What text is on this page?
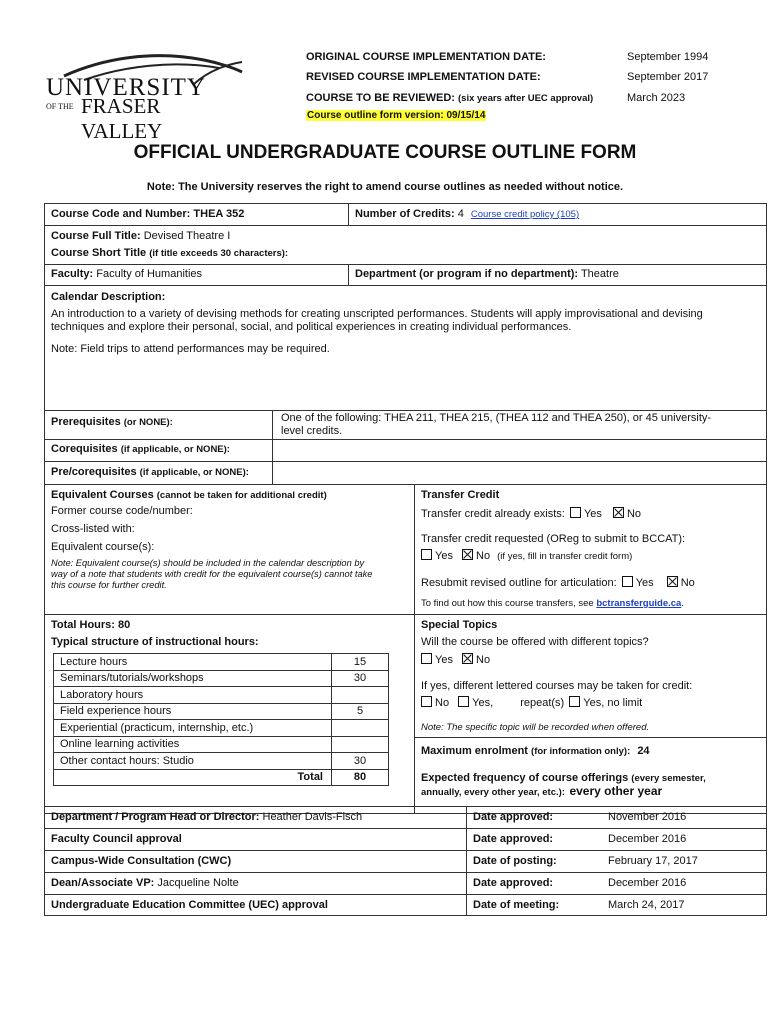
UNIVERSITY
OF THE FRASER VALLEY
ORIGINAL COURSE IMPLEMENTATION DATE:	September 1994
REVISED COURSE IMPLEMENTATION DATE:	September 2017
COURSE TO BE REVIEWED: (six years after UEC approval)	March 2023
Course outline form version: 09/15/14
OFFICIAL UNDERGRADUATE COURSE OUTLINE FORM
Note: The University reserves the right to amend course outlines as needed without notice.
Course Code and Number: THEA 352	Number of Credits: 4 Course credit policy (105)
Course Full Title: Devised Theatre I
Course Short Title (if title exceeds 30 characters):
Faculty: Faculty of Humanities	Department (or program if no department): Theatre
Calendar Description:
An introduction to a variety of devising methods for creating unscripted performances. Students will apply improvisational and devising
techniques and explore their personal, social, and political experiences in creating individual performances.
Note: Field trips to attend performances may be required.
Prerequisites (or NONE):	One of the following: THEA 211, THEA 215, (THEA 112 and THEA 250), or 45 university-
level credits.
Corequisites (if applicable, or NONE):
Pre/corequisites (if applicable, or NONE):
Equivalent Courses (cannot be taken for additional credit)
Former course code/number:
Cross-listed with:
Equivalent course(s):
Note: Equivalent course(s) should be included in the calendar description by
way of a note that students with credit for the equivalent course(s) cannot take
this course for further credit.
Transfer Credit
Transfer credit already exists: Yes No
Transfer credit requested (OReg to submit to BCCAT):
Yes No (if yes, fill in transfer credit form)
Resubmit revised outline for articulation: Yes No
To find out how this course transfers, see bctransferguide.ca.
Total Hours: 80
Typical structure of instructional hours:
Lecture hours	15
Seminars/tutorials/workshops	30
Laboratory hours	
Field experience hours	5
Experiential (practicum, internship, etc.)	
Online learning activities	
Other contact hours: Studio	30
Total	80
Special Topics
Will the course be offered with different topics?
Yes No
If yes, different lettered courses may be taken for credit:
No Yes, repeat(s) Yes, no limit
Note: The specific topic will be recorded when offered.
Maximum enrolment (for information only): 24
Expected frequency of course offerings (every semester,
annually, every other year, etc.): every other year
Department / Program Head or Director: Heather Davis-Fisch	Date approved:	November 2016
Faculty Council approval	Date approved:	December 2016
Campus-Wide Consultation (CWC)	Date of posting:	February 17, 2017
Dean/Associate VP: Jacqueline Nolte	Date approved:	December 2016
Undergraduate Education Committee (UEC) approval	Date of meeting:	March 24, 2017
